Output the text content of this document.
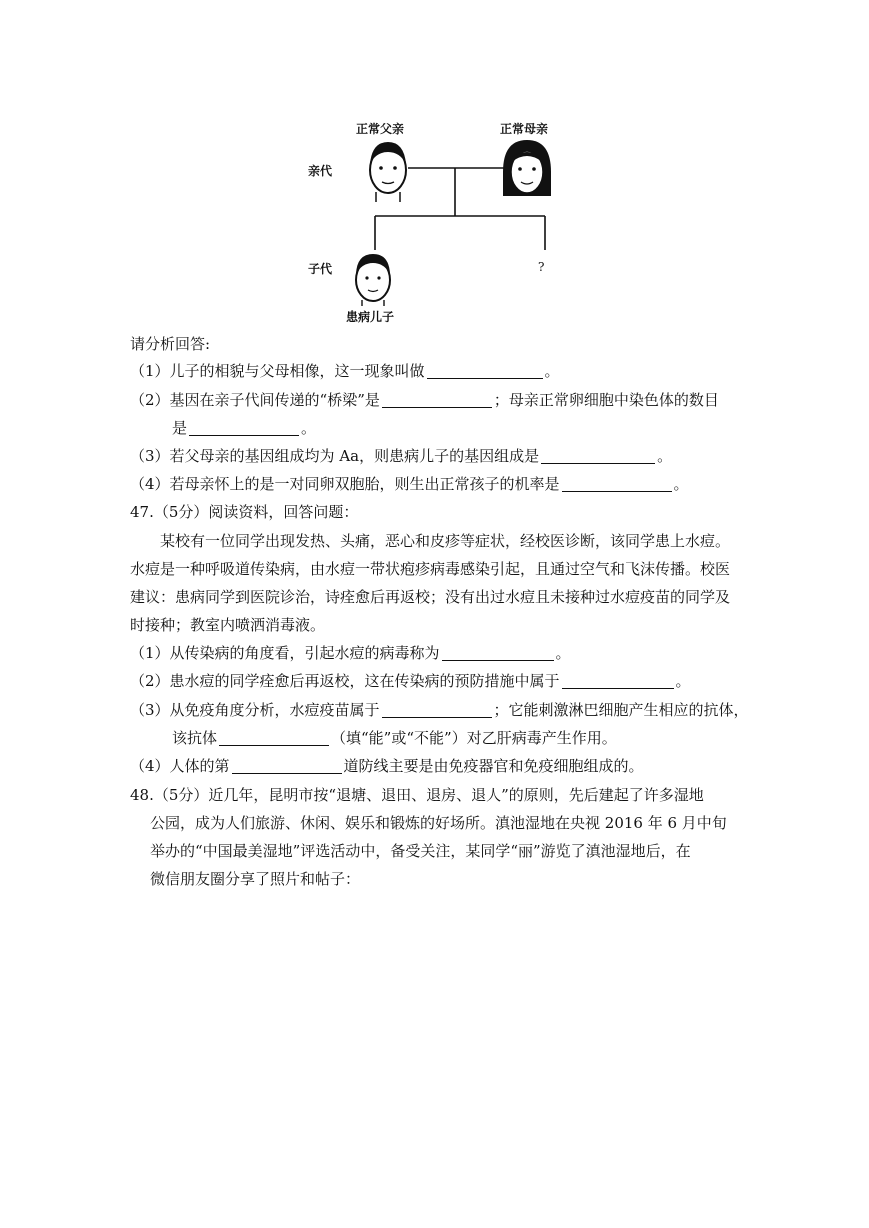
正常父亲	正常母亲
亲代
子代
患病儿子
?
请分析回答:
（1）儿子的相貌与父母相像，这一现象叫做	。
（2）基因在亲子代间传递的“桥梁”是	；母亲正常卵细胞中染色体的数目
是	。
（3）若父母亲的基因组成均为 Aa，则患病儿子的基因组成是	。
（4）若母亲怀上的是一对同卵双胞胎，则生出正常孩子的机率是	。
47.（5分）阅读资料，回答问题：
某校有一位同学出现发热、头痛，恶心和皮疹等症状，经校医诊断，该同学患上水痘。
水痘是一种呼吸道传染病，由水痘一带状疱疹病毒感染引起，且通过空气和飞沫传播。校医
建议：患病同学到医院诊治，诗痊愈后再返校；没有出过水痘且未接种过水痘疫苗的同学及
时接种；教室内喷洒消毒液。
（1）从传染病的角度看，引起水痘的病毒称为	。
（2）患水痘的同学痊愈后再返校，这在传染病的预防措施中属于	。
（3）从免疫角度分析，水痘疫苗属于	；它能刺激淋巴细胞产生相应的抗体，
该抗体	（填“能”或“不能”）对乙肝病毒产生作用。
（4）人体的第	道防线主要是由免疫器官和免疫细胞组成的。
48.（5分）近几年，昆明市按“退塘、退田、退房、退人”的原则，先后建起了许多湿地
公园，成为人们旅游、休闲、娱乐和锻炼的好场所。滇池湿地在央视 2016 年 6 月中旬
举办的“中国最美湿地”评选活动中，备受关注，某同学“丽”游览了滇池湿地后，在
微信朋友圈分享了照片和帖子：
